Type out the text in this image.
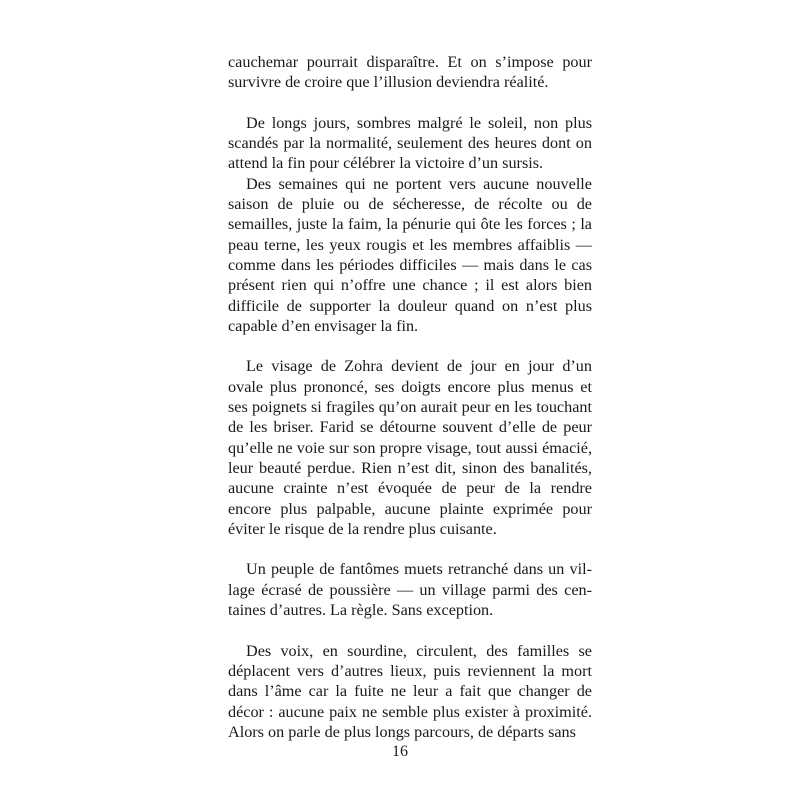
cauchemar pourrait disparaître. Et on s’impose pour survivre de croire que l’illusion deviendra réalité.

De longs jours, sombres malgré le soleil, non plus scandés par la normalité, seulement des heures dont on attend la fin pour célébrer la victoire d’un sursis.

Des semaines qui ne portent vers aucune nouvelle saison de pluie ou de sécheresse, de récolte ou de semailles, juste la faim, la pénurie qui ôte les forces ; la peau terne, les yeux rougis et les membres affaiblis — comme dans les périodes difficiles — mais dans le cas présent rien qui n’offre une chance ; il est alors bien difficile de supporter la douleur quand on n’est plus capable d’en envisager la fin.

Le visage de Zohra devient de jour en jour d’un ovale plus prononcé, ses doigts encore plus menus et ses poignets si fragiles qu’on aurait peur en les touchant de les briser. Farid se détourne souvent d’elle de peur qu’elle ne voie sur son propre visage, tout aussi émacié, leur beauté perdue. Rien n’est dit, sinon des banalités, aucune crainte n’est évoquée de peur de la rendre encore plus palpable, aucune plainte exprimée pour éviter le risque de la rendre plus cuisante.

Un peuple de fantômes muets retranché dans un village écrasé de poussière — un village parmi des centaines d’autres. La règle. Sans exception.

Des voix, en sourdine, circulent, des familles se déplacent vers d’autres lieux, puis reviennent la mort dans l’âme car la fuite ne leur a fait que changer de décor : aucune paix ne semble plus exister à proximité. Alors on parle de plus longs parcours, de départs sans

16
